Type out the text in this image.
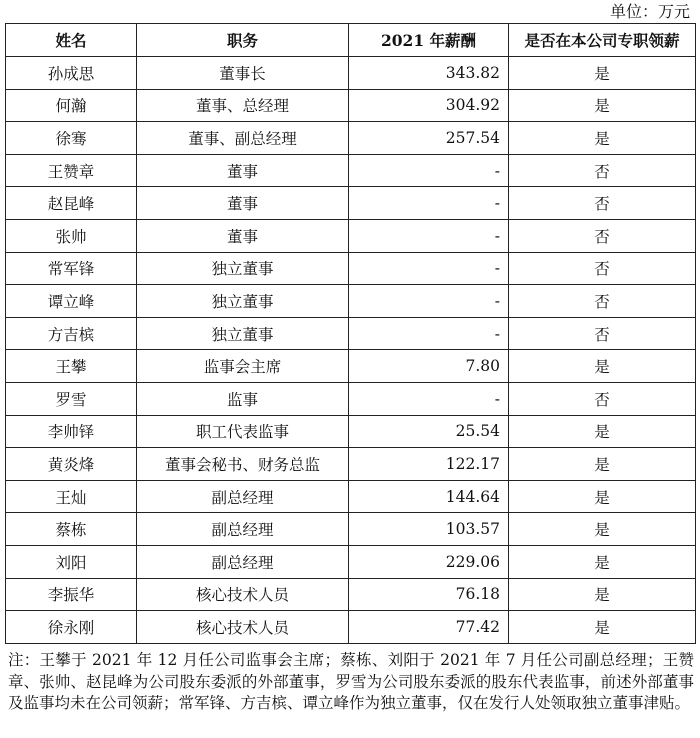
单位：万元
姓名	职务	2021 年薪酬	是否在本公司专职领薪
孙成思	董事长	343.82	是
何瀚	董事、总经理	304.92	是
徐骞	董事、副总经理	257.54	是
王赞章	董事	-	否
赵昆峰	董事	-	否
张帅	董事	-	否
常军锋	独立董事	-	否
谭立峰	独立董事	-	否
方吉槟	独立董事	-	否
王攀	监事会主席	7.80	是
罗雪	监事	-	否
李帅铎	职工代表监事	25.54	是
黄炎烽	董事会秘书、财务总监	122.17	是
王灿	副总经理	144.64	是
蔡栋	副总经理	103.57	是
刘阳	副总经理	229.06	是
李振华	核心技术人员	76.18	是
徐永刚	核心技术人员	77.42	是
注：王攀于 2021 年 12 月任公司监事会主席；蔡栋、刘阳于 2021 年 7 月任公司副总经理；王赞章、张帅、赵昆峰为公司股东委派的外部董事，罗雪为公司股东委派的股东代表监事，前述外部董事及监事均未在公司领薪；常军锋、方吉槟、谭立峰作为独立董事，仅在发行人处领取独立董事津贴。
